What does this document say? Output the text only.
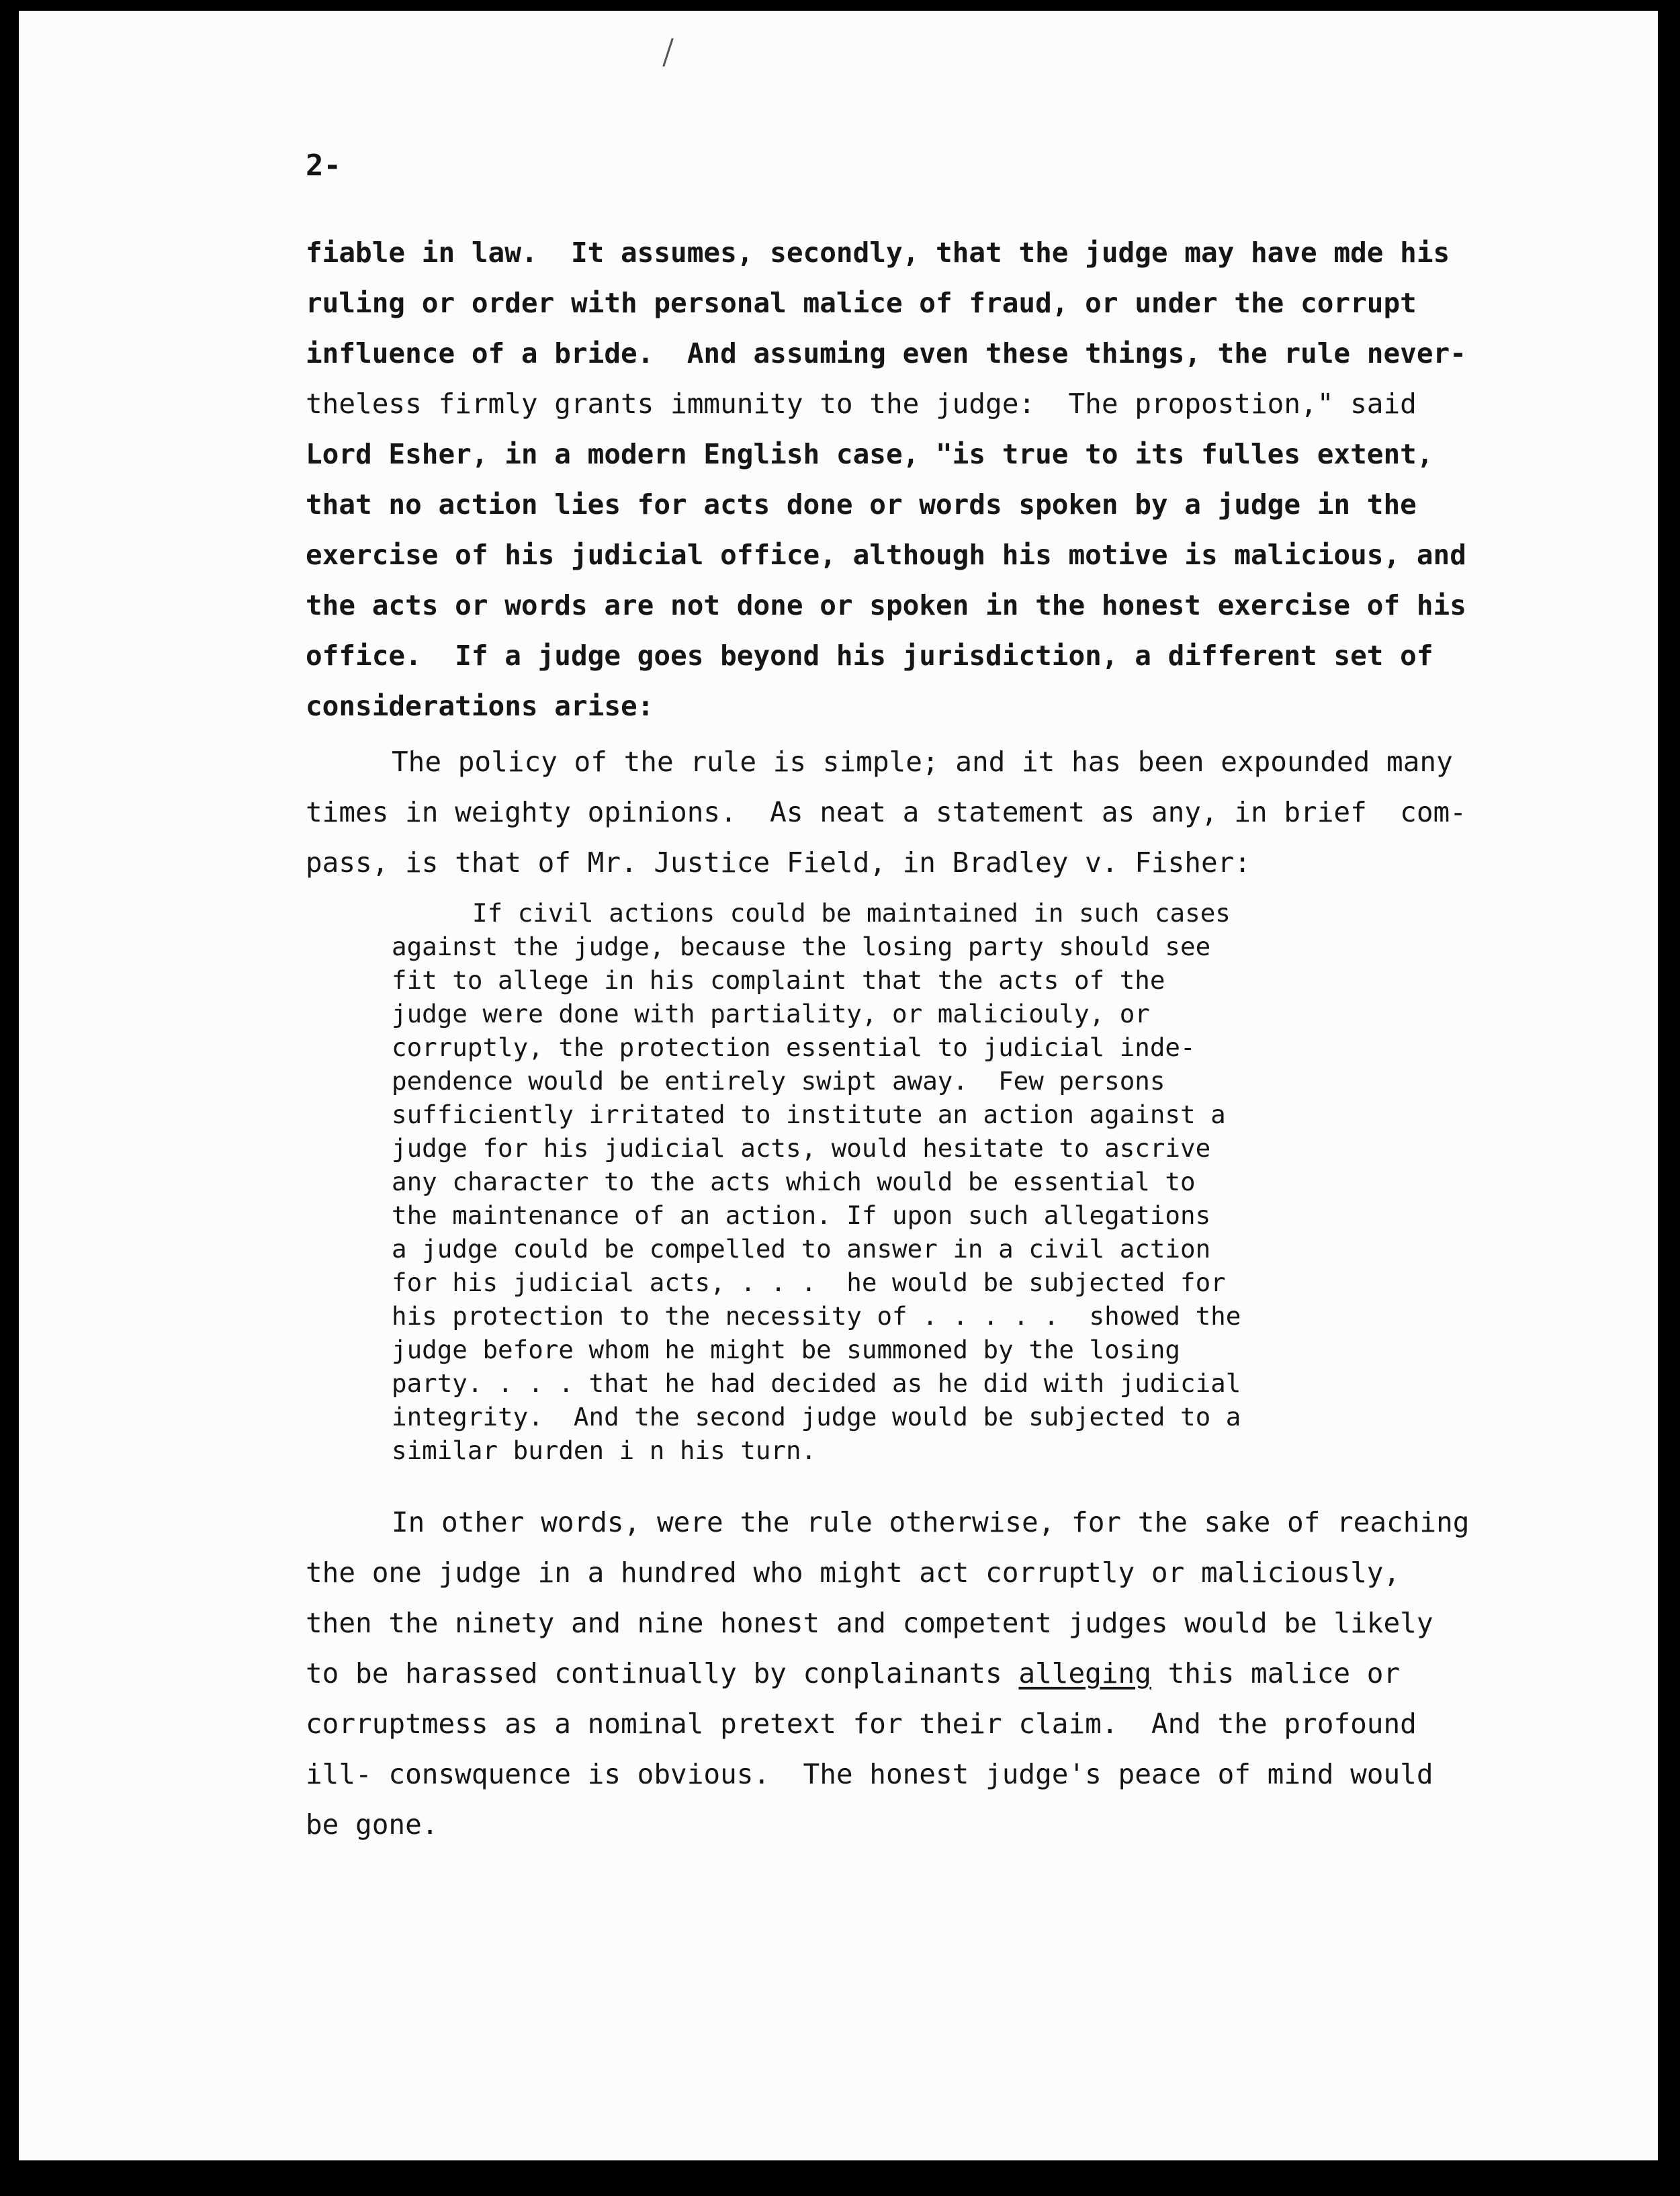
2-
fiable in law.  It assumes, secondly, that the judge may have mde his
ruling or order with personal malice of fraud, or under the corrupt
influence of a bride.  And assuming even these things, the rule never-
theless firmly grants immunity to the judge:  The propostion," said
Lord Esher, in a modern English case, "is true to its fulles extent,
that no action lies for acts done or words spoken by a judge in the
exercise of his judicial office, although his motive is malicious, and
the acts or words are not done or spoken in the honest exercise of his
office.  If a judge goes beyond his jurisdiction, a different set of
considerations arise:
The policy of the rule is simple; and it has been expounded many
times in weighty opinions.  As neat a statement as any, in brief  com-
pass, is that of Mr. Justice Field, in Bradley v. Fisher:
If civil actions could be maintained in such cases
against the judge, because the losing party should see
fit to allege in his complaint that the acts of the
judge were done with partiality, or maliciouly, or
corruptly, the protection essential to judicial inde-
pendence would be entirely swipt away.  Few persons
sufficiently irritated to institute an action against a
judge for his judicial acts, would hesitate to ascrive
any character to the acts which would be essential to
the maintenance of an action. If upon such allegations
a judge could be compelled to answer in a civil action
for his judicial acts, . . .  he would be subjected for
his protection to the necessity of . . . . .  showed the
judge before whom he might be summoned by the losing
party. . . . that he had decided as he did with judicial
integrity.  And the second judge would be subjected to a
similar burden i n his turn.
In other words, were the rule otherwise, for the sake of reaching
the one judge in a hundred who might act corruptly or maliciously,
then the ninety and nine honest and competent judges would be likely
to be harassed continually by conplainants alleging this malice or
corruptmess as a nominal pretext for their claim.  And the profound
ill- conswquence is obvious.  The honest judge's peace of mind would
be gone.
